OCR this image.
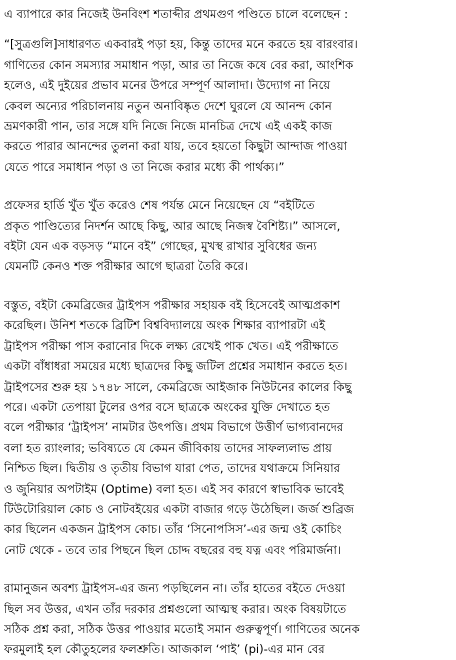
এ ব্যাপারে কার নিজেই উনবিংশ শতাব্দীর প্রথমগুণ পণ্ডিতে চালে বলেছেন :

“[সুত্রগুলি]সাধারণত একবারই পড়া হয়, কিন্তু তাদের মনে করতে হয় বারংবার।
গাণিতের কোন সমস্যার সমাধান পড়া, আর তা নিজে কষে বের করা, আংশিক
হলেও, এই দুইয়ের প্রভাব মনের উপরে সম্পূর্ণ আলাদা। উদ্যোগ না নিয়ে
কেবল অন্যের পরিচালনায় নতুন অনাবিষ্কৃত দেশে ঘুরলে যে আনন্দ কোন
ভ্রমণকারী পান, তার সঙ্গে যদি নিজে নিজে মানচিত্র দেখে এই একই কাজ
করতে পারার আনন্দের তুলনা করা যায়, তবে হয়তো কিছুটা আন্দাজ পাওয়া
যেতে পারে সমাধান পড়া ও তা নিজে করার মধ্যে কী পার্থক্য।”
প্রফেসর হার্ডি খুঁত খুঁত করেও শেষ পর্যন্ত মেনে নিয়েছেন যে “বইটিতে
প্রকৃত পাণ্ডিত্যের নিদর্শন আছে কিছু, আর আছে নিজস্ব বৈশিষ্ট্য।” আসলে,
বইটা যেন এক বড়সড় “মানে বই” গোছের, মুখস্থ রাখার সুবিধের জন্য
যেমনটি কেনও শক্ত পরীক্ষার আগে ছাত্ররা তৈরি করে।
বস্তুত, বইটা কেমব্রিজের ট্রাইপস পরীক্ষার সহায়ক বই হিসেবেই আত্মপ্রকাশ
করেছিল। উনিশ শতকে ব্রিটিশ বিশ্ববিদ্যালয়ে অংক শিক্ষার ব্যাপারটা এই
ট্রাইপস পরীক্ষা পাস করানোর দিকে লক্ষ্য রেখেই পাক খেত। এই পরীক্ষাতে
একটা বাঁধাধরা সময়ের মধ্যে ছাত্রদের কিছু জটিল প্রশ্নের সমাধান করতে হত।
ট্রাইপসের শুরু হয় ১৭৪৮ সালে, কেমব্রিজে আইজাক নিউটনের কালের কিছু
পরে। একটা তেপায়া টুলের ওপর বসে ছাত্রকে অংকের যুক্তি দেখাতে হত
বলে পরীক্ষার ‘ট্রাইপস’ নামটার উৎপত্তি। প্রথম বিভাগে উত্তীর্ণ ভাগ্যবানদের
বলা হত র‍্যাংলার; ভবিষ্যতে যে কেমন জীবিকায় তাদের সাফল্যলাভ প্রায়
নিশ্চিত ছিল। দ্বিতীয় ও তৃতীয় বিভাগ যারা পেত, তাদের যথাক্রমে সিনিয়ার
ও জুনিয়ার অপটাইম (Optime) বলা হত। এই সব কারণে স্বাভাবিক ভাবেই
টিউটোরিয়াল কোচ ও নোটবইয়ের একটা বাজার গড়ে উঠেছিল। জর্জ শুব্রিজ
কার ছিলেন একজন ট্রাইপস কোচ। তাঁর ‘সিনোপসিস’-এর জন্ম ওই কোচিং
নোট থেকে - তবে তার পিছনে ছিল চোদ্দ বছরের বহু যত্ন এবং পরিমার্জনা।
রামানুজন অবশ্য ট্রাইপস-এর জন্য পড়ছিলেন না। তাঁর হাতের বইতে দেওয়া
ছিল সব উত্তর, এখন তাঁর দরকার প্রশ্নগুলো আত্মস্থ করার। অংক বিষয়টাতে
সঠিক প্রশ্ন করা, সঠিক উত্তর পাওয়ার মতোই সমান গুরুত্বপূর্ণ। গাণিতের অনেক
ফরমুলাই হল কৌতুহলের ফলশ্রুতি। আজকাল ‘পাই’ (pi)-এর মান বের
